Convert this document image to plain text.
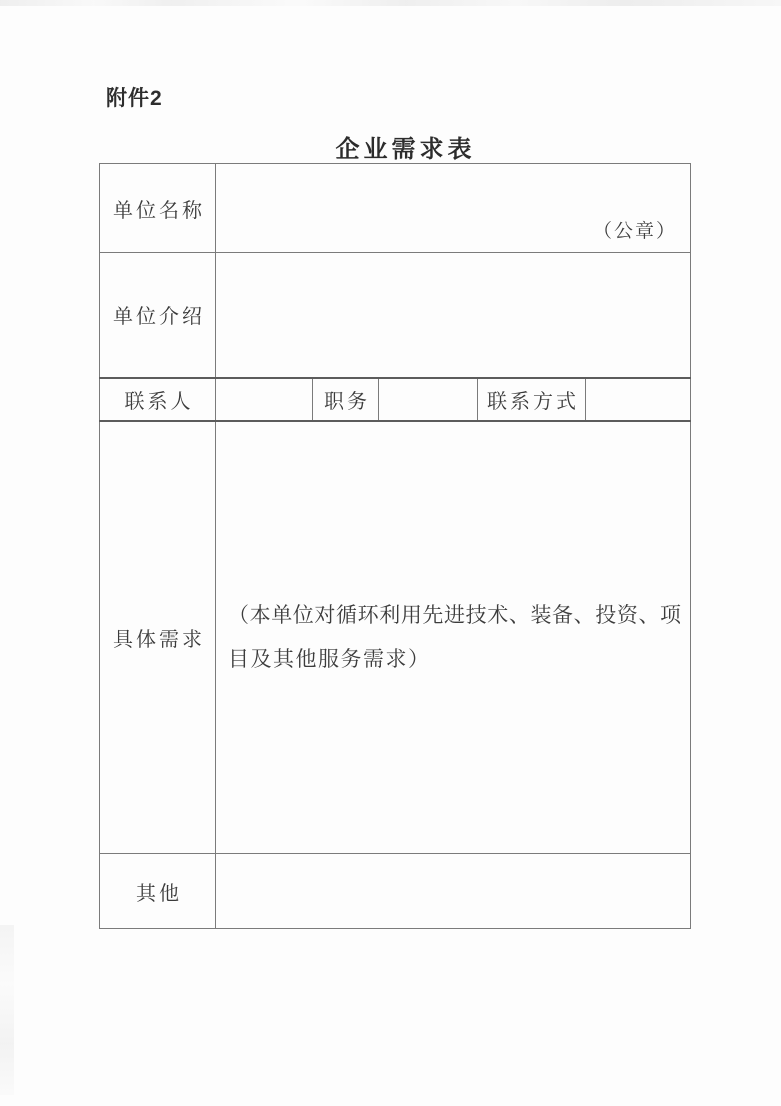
附件2
企业需求表
单位名称	（公章）				

单位介绍					
联系人		职务		联系方式	
具体需求	（本单位对循环利用先进技术、装备、投资、项
目及其他服务需求）				

其他					
